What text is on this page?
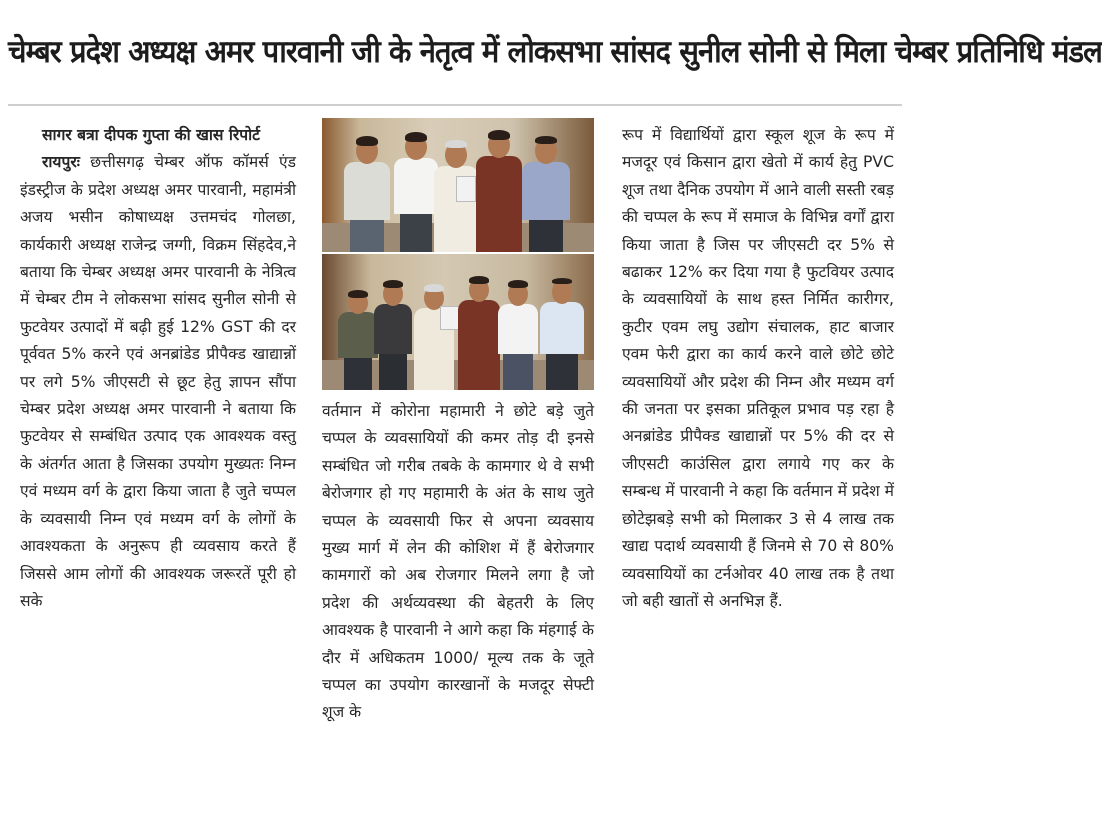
चेम्बर प्रदेश अध्यक्ष अमर पारवानी जी के नेतृत्व में लोकसभा सांसद सुनील सोनी से मिला चेम्बर प्रतिनिधि मंडल

सागर बत्रा दीपक गुप्ता की खास रिपोर्ट

रायपुरः छत्तीसगढ़ चेम्बर ऑफ कॉमर्स एंड इंडस्ट्रीज के प्रदेश अध्यक्ष अमर पारवानी, महामंत्री अजय भसीन कोषाध्यक्ष उत्तमचंद गोलछा, कार्यकारी अध्यक्ष राजेन्द्र जग्गी, विक्रम सिंहदेव,ने बताया कि चेम्बर अध्यक्ष अमर पारवानी के नेत्रित्व में चेम्बर टीम ने लोकसभा सांसद सुनील सोनी से फुटवेयर उत्पादों में बढ़ी हुई 12% GST की दर पूर्ववत 5% करने एवं अनब्रांडेड प्रीपैक्ड खाद्यान्नों पर लगे 5% जीएसटी से छूट हेतु ज्ञापन सौंपा चेम्बर प्रदेश अध्यक्ष अमर पारवानी ने बताया कि फुटवेयर से सम्बंधित उत्पाद एक आवश्यक वस्तु के अंतर्गत आता है जिसका उपयोग मुख्यतः निम्न एवं मध्यम वर्ग के द्वारा किया जाता है जुते चप्पल के व्यवसायी निम्न एवं मध्यम वर्ग के लोगों के आवश्यकता के अनुरूप ही व्यवसाय करते हैं जिससे आम लोगों की आवश्यक जरूरतें पूरी हो सके

वर्तमान में कोरोना महामारी ने छोटे बड़े जुते चप्पल के व्यवसायियों की कमर तोड़ दी इनसे सम्बंधित जो गरीब तबके के कामगार थे वे सभी बेरोजगार हो गए महामारी के अंत के साथ जुते चप्पल के व्यवसायी फिर से अपना व्यवसाय मुख्य मार्ग में लेन की कोशिश में हैं बेरोजगार कामगारों को अब रोजगार मिलने लगा है जो प्रदेश की अर्थव्यवस्था की बेहतरी के लिए आवश्यक है पारवानी ने आगे कहा कि मंहगाई के दौर में अधिकतम 1000/ मूल्य तक के जूते चप्पल का उपयोग कारखानों के मजदूर सेफ्टी शूज के

रूप में विद्यार्थियों द्वारा स्कूल शूज के रूप में मजदूर एवं किसान द्वारा खेतो में कार्य हेतु PVC शूज तथा दैनिक उपयोग में आने वाली सस्ती रबड़ की चप्पल के रूप में समाज के विभिन्न वर्गों द्वारा किया जाता है जिस पर जीएसटी दर 5% से बढाकर 12% कर दिया गया है फुटवियर उत्पाद के व्यवसायियों के साथ हस्त निर्मित कारीगर, कुटीर एवम लघु उद्योग संचालक, हाट बाजार एवम फेरी द्वारा का कार्य करने वाले छोटे छोटे व्यवसायियों और प्रदेश की निम्न और मध्यम वर्ग की जनता पर इसका प्रतिकूल प्रभाव पड़ रहा है अनब्रांडेड प्रीपैक्ड खाद्यान्नों पर 5% की दर से जीएसटी काउंसिल द्वारा लगाये गए कर के सम्बन्ध में पारवानी ने कहा कि वर्तमान में प्रदेश में छोटेझबड़े सभी को मिलाकर 3 से 4 लाख तक खाद्य पदार्थ व्यवसायी हैं जिनमे से 70 से 80% व्यवसायियों का टर्नओवर 40 लाख तक है तथा जो बही खातों से अनभिज्ञ हैं.
